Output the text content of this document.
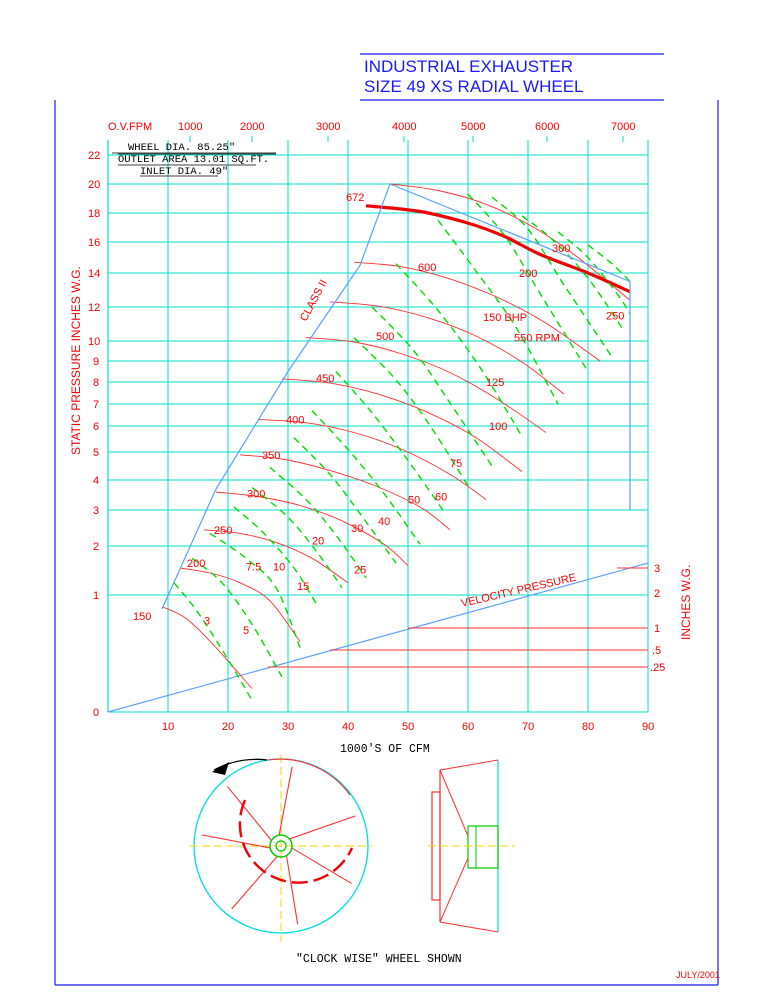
INDUSTRIAL EXHAUSTER
SIZE 49 XS RADIAL WHEEL
10	20	30	40	50	60	70	80	90
0
1
2
3
4
5
6
7
8
9
10
12
14
16
18
20
22
1000	2000	3000	4000	5000	6000	7000
O.V.FPM
VELOCITY PRESSURE
.25
.5
1
2
3
CLASS II
150
200
250
300
350
400
450
500	550 RPM
600
672
3
5
7.5 10
15
20
25
30
40
50 60
75
100
125
150 BHP
200
250
300
WHEEL DIA. 85.25"
OUTLET AREA 13.01 SQ.FT.
INLET DIA. 49"
1000'S OF CFM
STATIC PRESSURE INCHES W.G.
INCHES W.G.
"CLOCK WISE" WHEEL SHOWN
JULY/2001
